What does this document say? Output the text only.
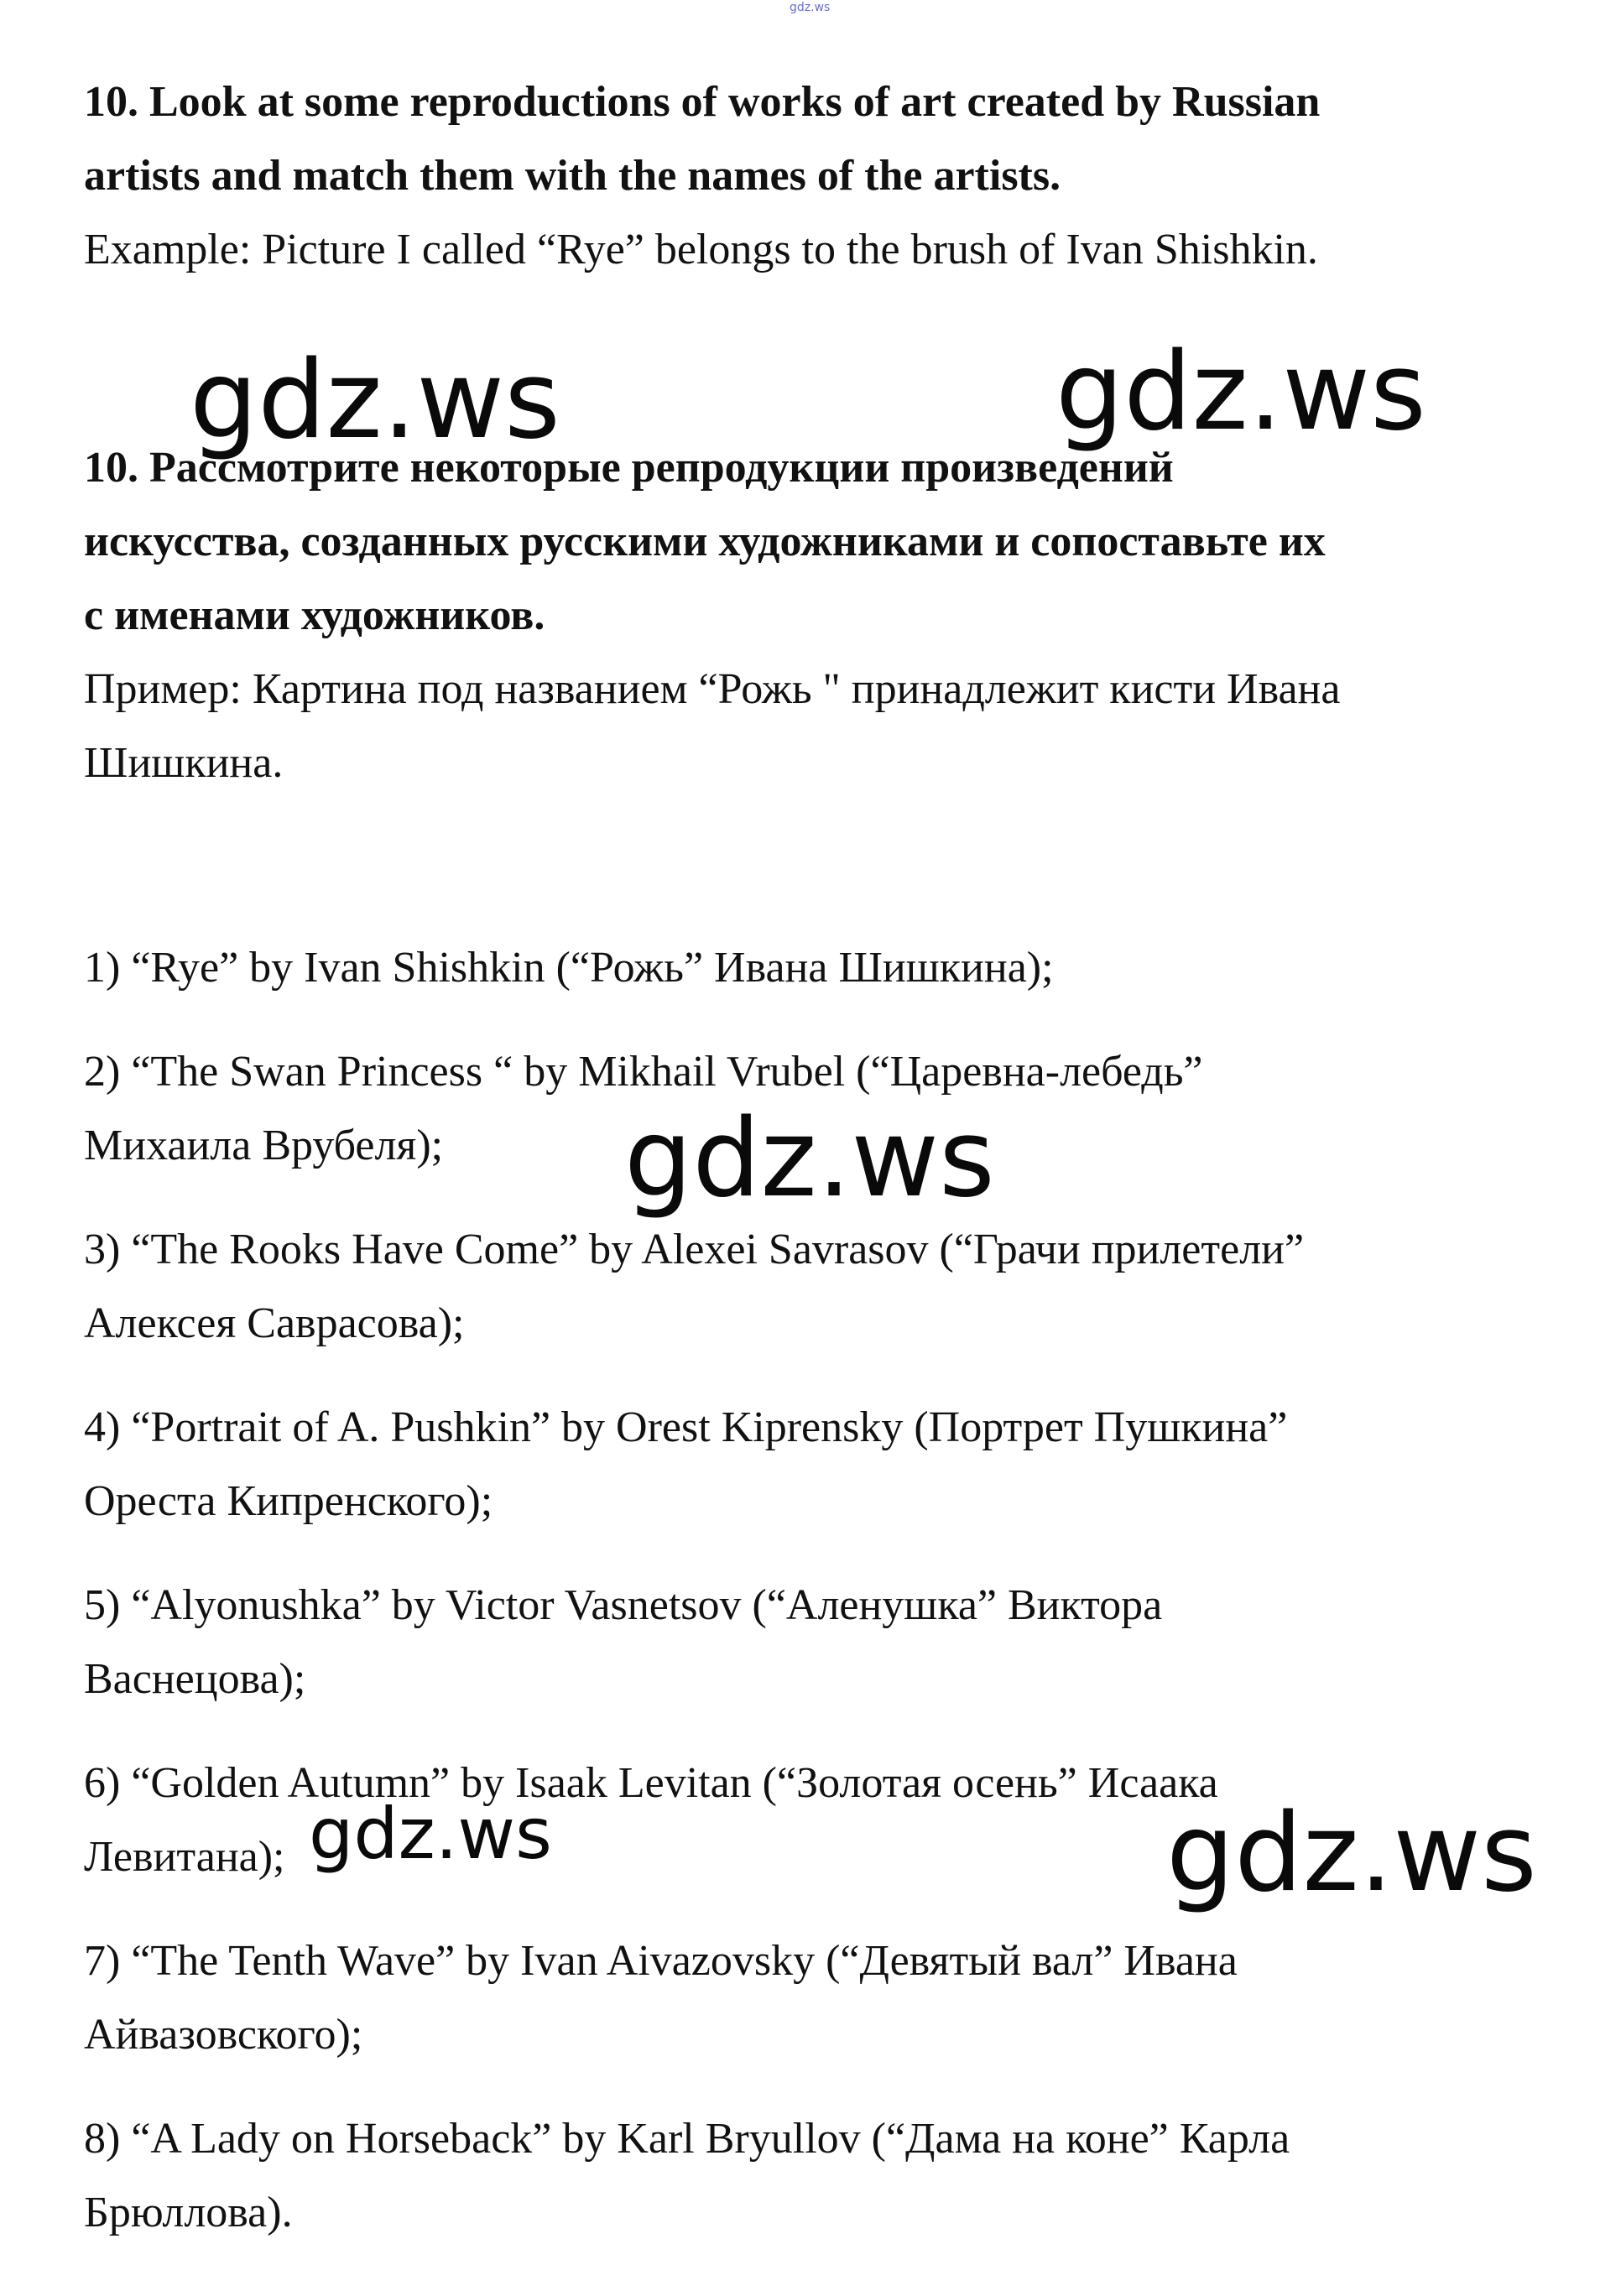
gdz.ws
10. Look at some reproductions of works of art created by Russian
artists and match them with the names of the artists.
Example: Picture I called “Rye” belongs to the brush of Ivan Shishkin.
gdz.ws	gdz.ws
10. Рассмотрите некоторые репродукции произведений
искусства, созданных русскими художниками и сопоставьте их
с именами художников.
Пример: Картина под названием “Рожь " принадлежит кисти Ивана
Шишкина.
1) “Rye” by Ivan Shishkin (“Рожь” Ивана Шишкина);
2) “The Swan Princess “ by Mikhail Vrubel (“Царевна-лебедь”
Михаила Врубеля);
3) “The Rooks Have Come” by Alexei Savrasov (“Грачи прилетели”
Алексея Саврасова);
4) “Portrait of A. Pushkin” by Orest Kiprensky (Портрет Пушкина”
Ореста Кипренского);
5) “Alyonushka” by Victor Vasnetsov (“Аленушка” Виктора
Васнецова);
6) “Golden Autumn” by Isaak Levitan (“Золотая осень” Исаака
Левитана);
7) “The Tenth Wave” by Ivan Aivazovsky (“Девятый вал” Ивана
Айвазовского);
8) “A Lady on Horseback” by Karl Bryullov (“Дама на коне” Карла
Брюллова).
gdz.ws
gdz.ws	gdz.ws
